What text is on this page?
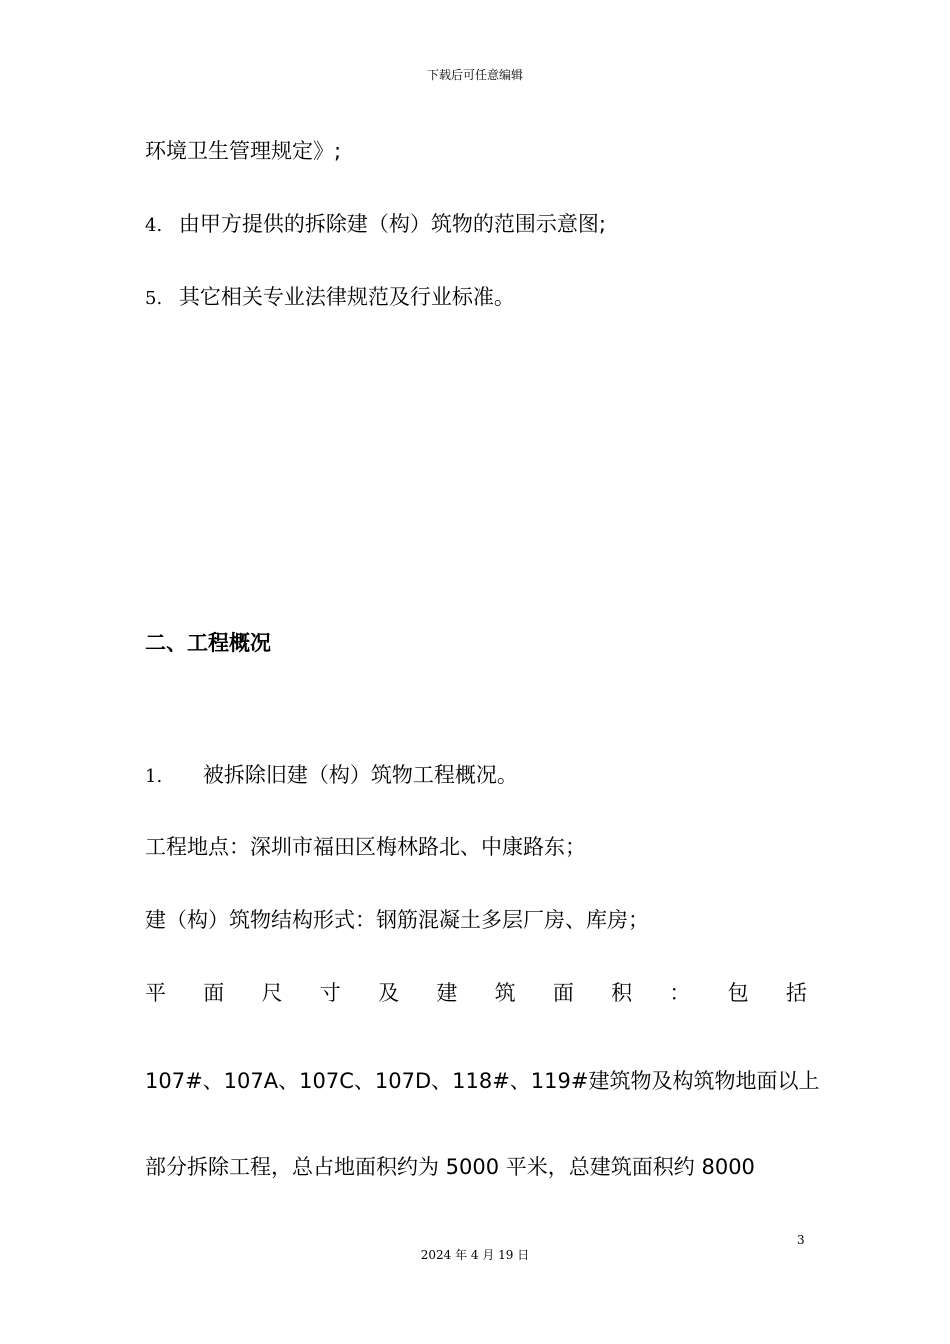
下载后可任意编辑
环境卫生管理规定》;
4. 由甲方提供的拆除建（构）筑物的范围示意图;
5. 其它相关专业法律规范及行业标准。
二、工程概况
1. 被拆除旧建（构）筑物工程概况。
工程地点：深圳市福田区梅林路北、中康路东；
建（构）筑物结构形式：钢筋混凝土多层厂房、库房；
平 面 尺 寸 及 建 筑 面 积 ： 包 括
107#、107A、107C、107D、118#、119#建筑物及构筑物地面以上
部分拆除工程，总占地面积约为 5000 平米，总建筑面积约 8000
3
2024 年 4 月 19 日
